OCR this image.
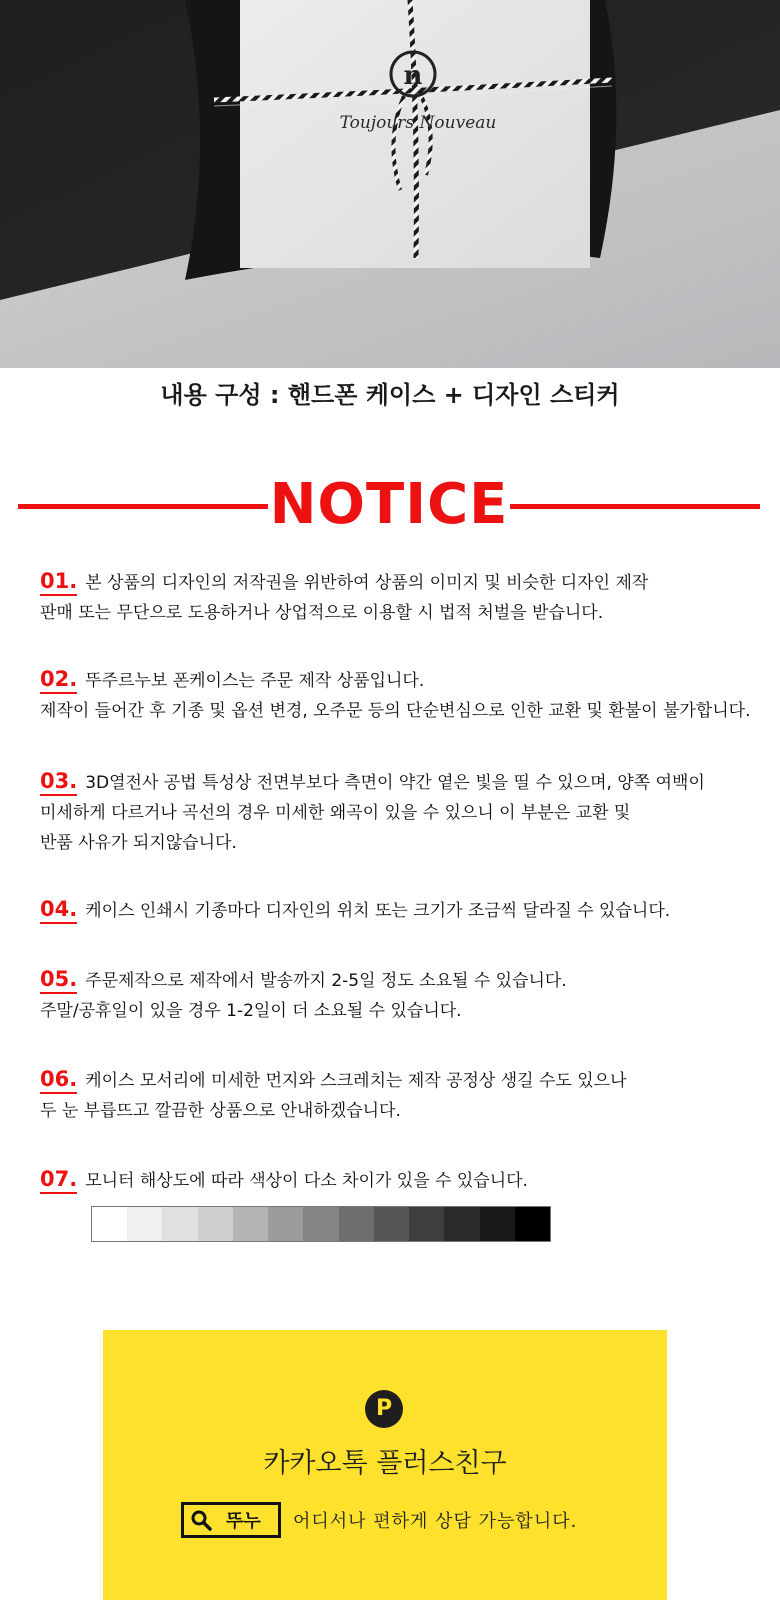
n
Toujours Nouveau
내용 구성 : 핸드폰 케이스 + 디자인 스티커
NOTICE
01. 본 상품의 디자인의 저작권을 위반하여 상품의 이미지 및 비슷한 디자인 제작
판매 또는 무단으로 도용하거나 상업적으로 이용할 시 법적 처벌을 받습니다.
02. 뚜주르누보 폰케이스는 주문 제작 상품입니다.
제작이 들어간 후 기종 및 옵션 변경, 오주문 등의 단순변심으로 인한 교환 및 환불이 불가합니다.
03. 3D열전사 공법 특성상 전면부보다 측면이 약간 옅은 빛을 띨 수 있으며, 양쪽 여백이
미세하게 다르거나 곡선의 경우 미세한 왜곡이 있을 수 있으니 이 부분은 교환 및
반품 사유가 되지않습니다.
04. 케이스 인쇄시 기종마다 디자인의 위치 또는 크기가 조금씩 달라질 수 있습니다.
05. 주문제작으로 제작에서 발송까지 2-5일 정도 소요될 수 있습니다.
주말/공휴일이 있을 경우 1-2일이 더 소요될 수 있습니다.
06. 케이스 모서리에 미세한 먼지와 스크레치는 제작 공정상 생길 수도 있으나
두 눈 부릅뜨고 깔끔한 상품으로 안내하겠습니다.
07. 모니터 해상도에 따라 색상이 다소 차이가 있을 수 있습니다.
P
카카오톡 플러스친구
뚜누 어디서나 편하게 상담 가능합니다.
